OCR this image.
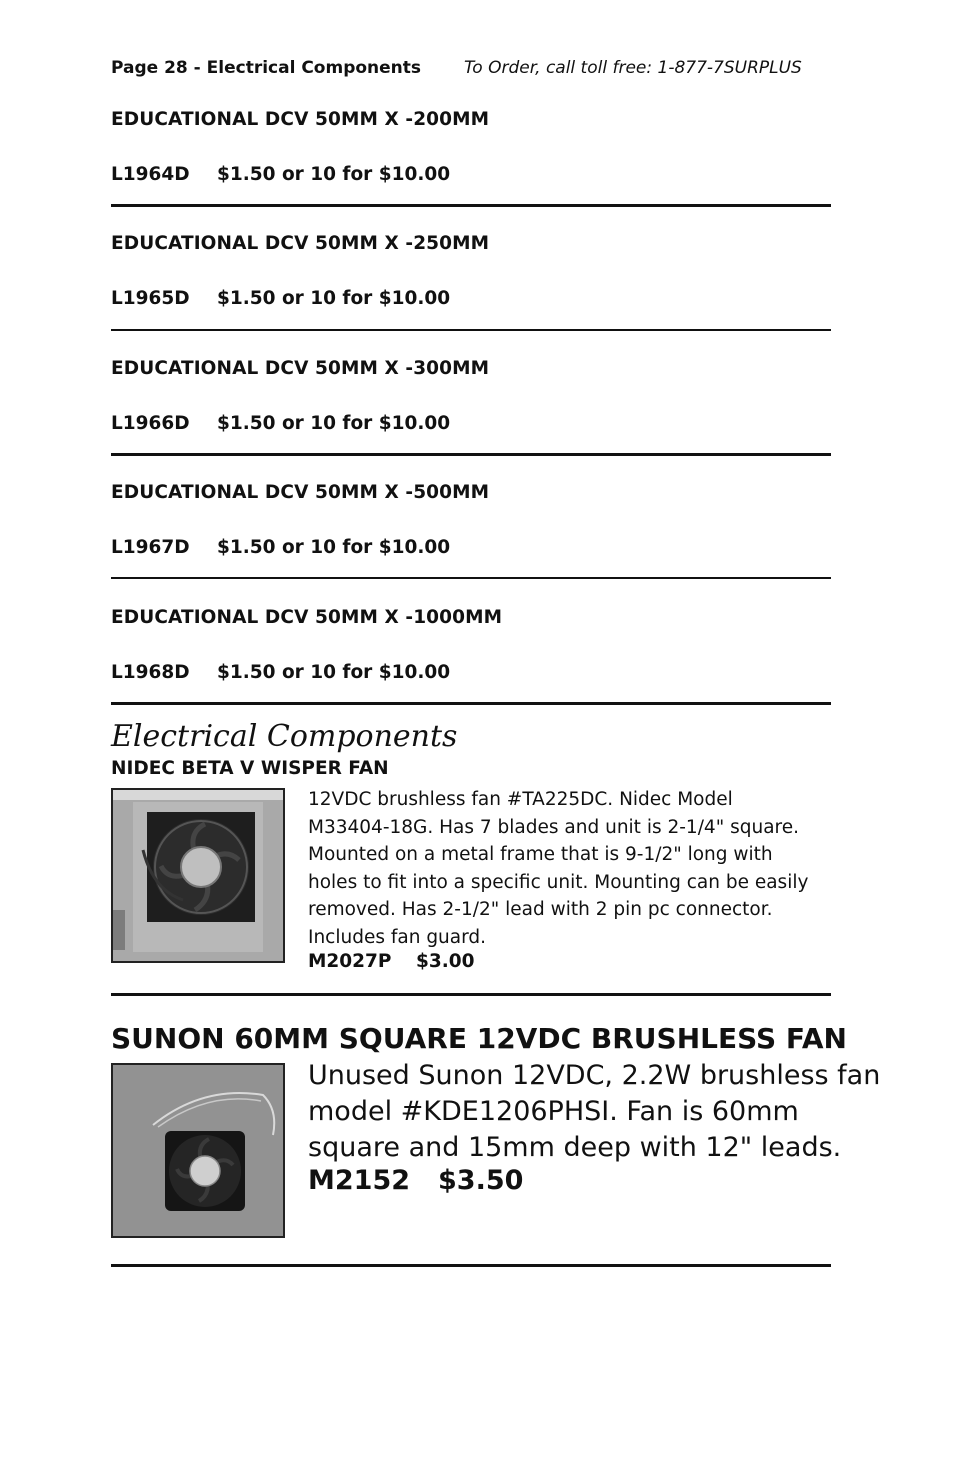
Page 28 - Electrical Components	To Order, call toll free: 1-877-7SURPLUS
EDUCATIONAL DCV 50MM X -200MM
L1964D $1.50 or 10 for $10.00
EDUCATIONAL DCV 50MM X -250MM
L1965D $1.50 or 10 for $10.00
EDUCATIONAL DCV 50MM X -300MM
L1966D $1.50 or 10 for $10.00
EDUCATIONAL DCV 50MM X -500MM
L1967D $1.50 or 10 for $10.00
EDUCATIONAL DCV 50MM X -1000MM
L1968D $1.50 or 10 for $10.00
Electrical Components
NIDEC BETA V WISPER FAN
12VDC brushless fan #TA225DC. Nidec Model
M33404-18G. Has 7 blades and unit is 2-1/4" square.
Mounted on a metal frame that is 9-1/2" long with
holes to fit into a specific unit. Mounting can be easily
removed. Has 2-1/2" lead with 2 pin pc connector.
Includes fan guard.
M2027P $3.00
SUNON 60MM SQUARE 12VDC BRUSHLESS FAN
Unused Sunon 12VDC, 2.2W brushless fan
model #KDE1206PHSI. Fan is 60mm
square and 15mm deep with 12" leads.
M2152 $3.50
